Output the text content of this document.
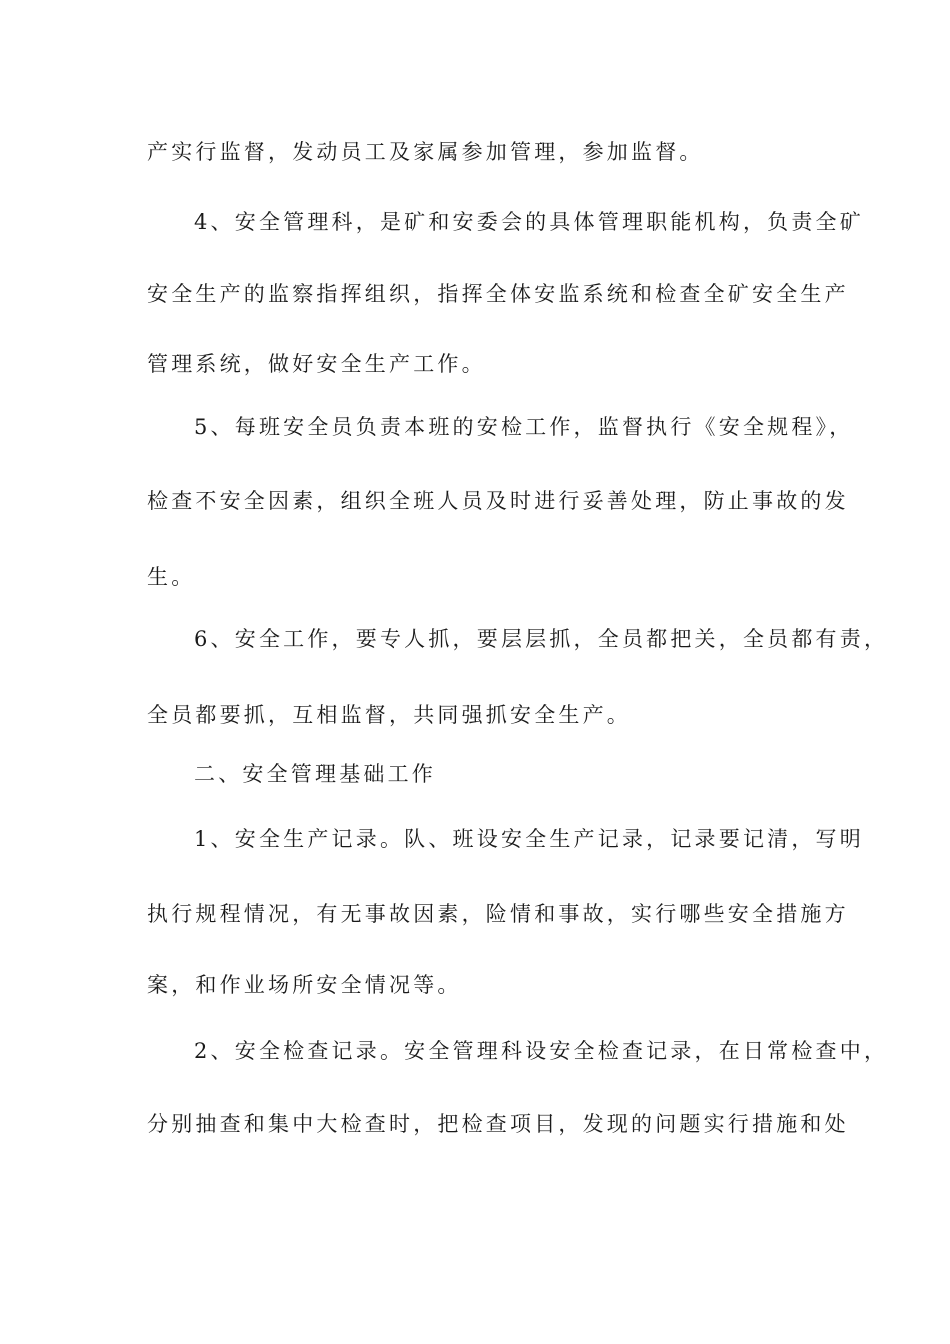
产实行监督，发动员工及家属参加管理，参加监督。
4、安全管理科，是矿和安委会的具体管理职能机构，负责全矿
安全生产的监察指挥组织，指挥全体安监系统和检查全矿安全生产
管理系统，做好安全生产工作。
5、每班安全员负责本班的安检工作，监督执行《安全规程》，
检查不安全因素，组织全班人员及时进行妥善处理，防止事故的发
生。
6、安全工作，要专人抓，要层层抓，全员都把关，全员都有责，
全员都要抓，互相监督，共同强抓安全生产。
二、安全管理基础工作
1、安全生产记录。队、班设安全生产记录，记录要记清，写明
执行规程情况，有无事故因素，险情和事故，实行哪些安全措施方
案，和作业场所安全情况等。
2、安全检查记录。安全管理科设安全检查记录，在日常检查中，
分别抽查和集中大检查时，把检查项目，发现的问题实行措施和处
